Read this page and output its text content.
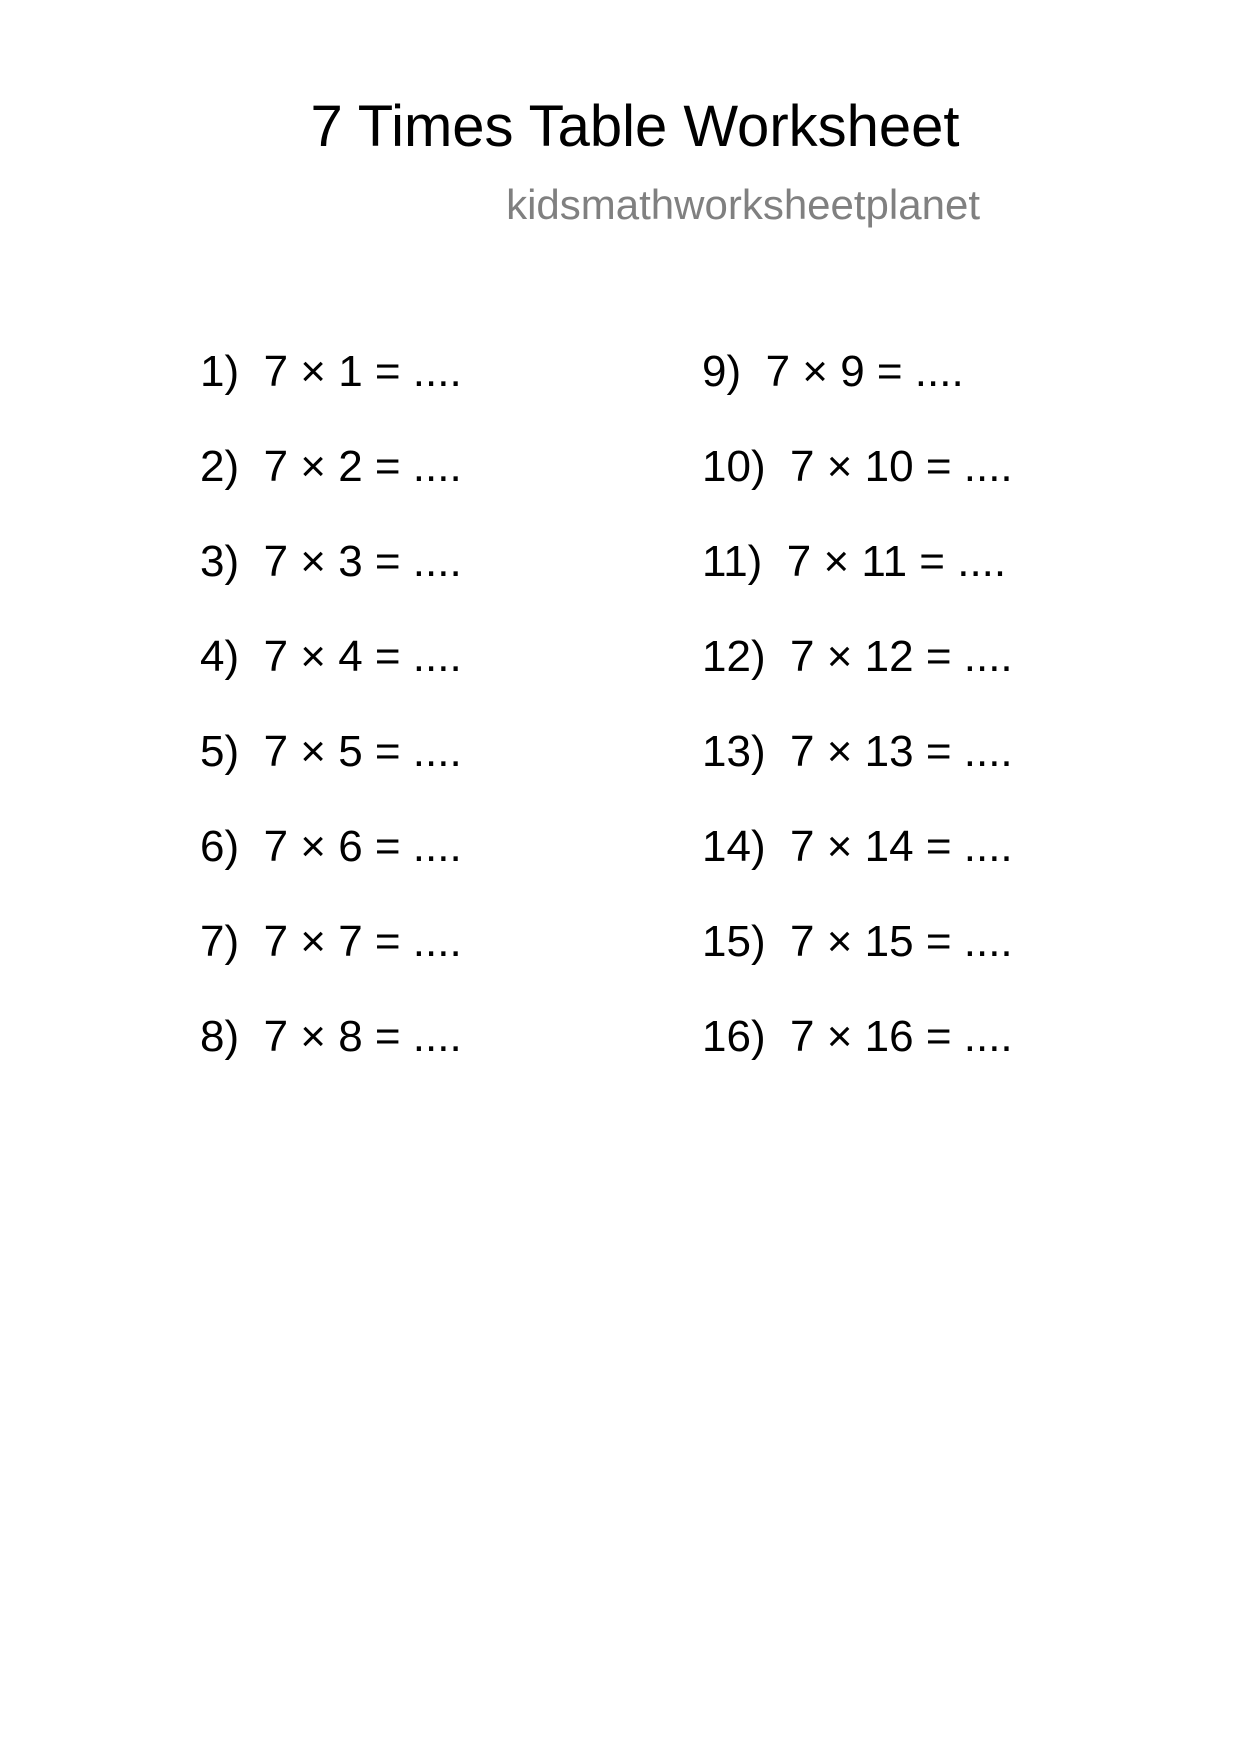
7 Times Table Worksheet
kidsmathworksheetplanet
1)  7 × 1 = ....
2)  7 × 2 = ....
3)  7 × 3 = ....
4)  7 × 4 = ....
5)  7 × 5 = ....
6)  7 × 6 = ....
7)  7 × 7 = ....
8)  7 × 8 = ....
9)  7 × 9 = ....
10)  7 × 10 = ....
11)  7 × 11 = ....
12)  7 × 12 = ....
13)  7 × 13 = ....
14)  7 × 14 = ....
15)  7 × 15 = ....
16)  7 × 16 = ....
